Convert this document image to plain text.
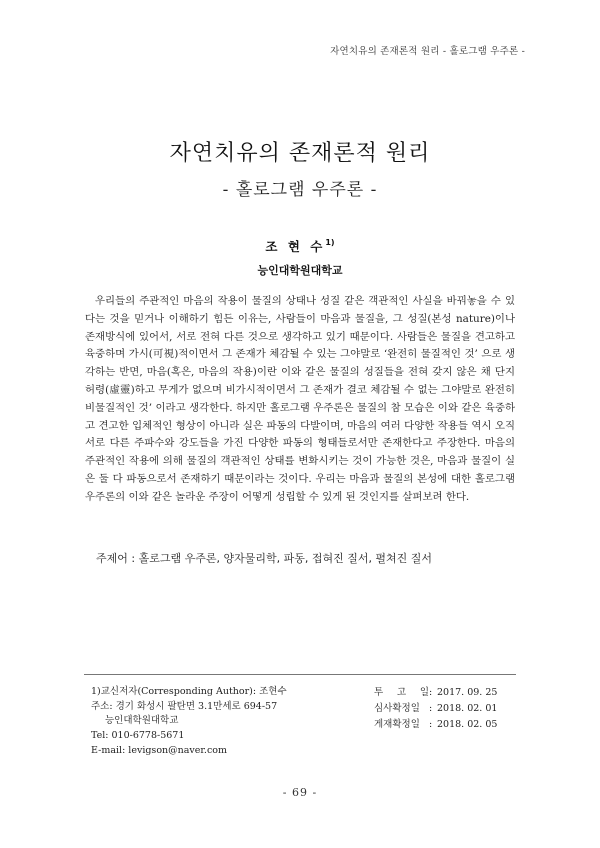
자연치유의 존재론적 원리 - 홀로그램 우주론 -
자연치유의 존재론적 원리
- 홀로그램 우주론 -
조 현 수$^{1)}$
능인대학원대학교

우리들의 주관적인 마음의 작용이 물질의 상태나 성질 같은 객관적인 사실을 바꿔놓을 수 있다는 것을 믿거나 이해하기 힘든 이유는, 사람들이 마음과 물질을, 그 성질(본성 nature)이나 존재방식에 있어서, 서로 전혀 다른 것으로 생각하고 있기 때문이다. 사람들은 물질을 견고하고 육중하며 가시(可視)적이면서 그 존재가 체감될 수 있는 그야말로 ‘완전히 물질적인 것’ 으로 생각하는 반면, 마음(혹은, 마음의 작용)이란 이와 같은 물질의 성질들을 전혀 갖지 않은 채 단지 허령(虛靈)하고 무게가 없으며 비가시적이면서 그 존재가 결코 체감될 수 없는 그야말로 완전히 비물질적인 것’ 이라고 생각한다. 하지만 홀로그램 우주론은 물질의 참 모습은 이와 같은 육중하고 견고한 입체적인 형상이 아니라 실은 파동의 다발이며, 마음의 여러 다양한 작용들 역시 오직 서로 다른 주파수와 강도들을 가진 다양한 파동의 형태들로서만 존재한다고 주장한다. 마음의 주관적인 작용에 의해 물질의 객관적인 상태를 변화시키는 것이 가능한 것은, 마음과 물질이 실은 둘 다 파동으로서 존재하기 때문이라는 것이다. 우리는 마음과 물질의 본성에 대한 홀로그램 우주론의 이와 같은 놀라운 주장이 어떻게 성립할 수 있게 된 것인지를 살펴보려 한다.

주제어 : 홀로그램 우주론, 양자물리학, 파동, 접혀진 질서, 펼쳐진 질서
1)교신저자(Corresponding Author): 조현수
주소: 경기 화성시 팔탄면 3.1만세로 694-57
능인대학원대학교
Tel: 010-6778-5671
E-mail: levigson@naver.com
투 고 일: 2017. 09. 25
심사확정일 : 2018. 02. 01
게재확정일 : 2018. 02. 05
- 69 -
